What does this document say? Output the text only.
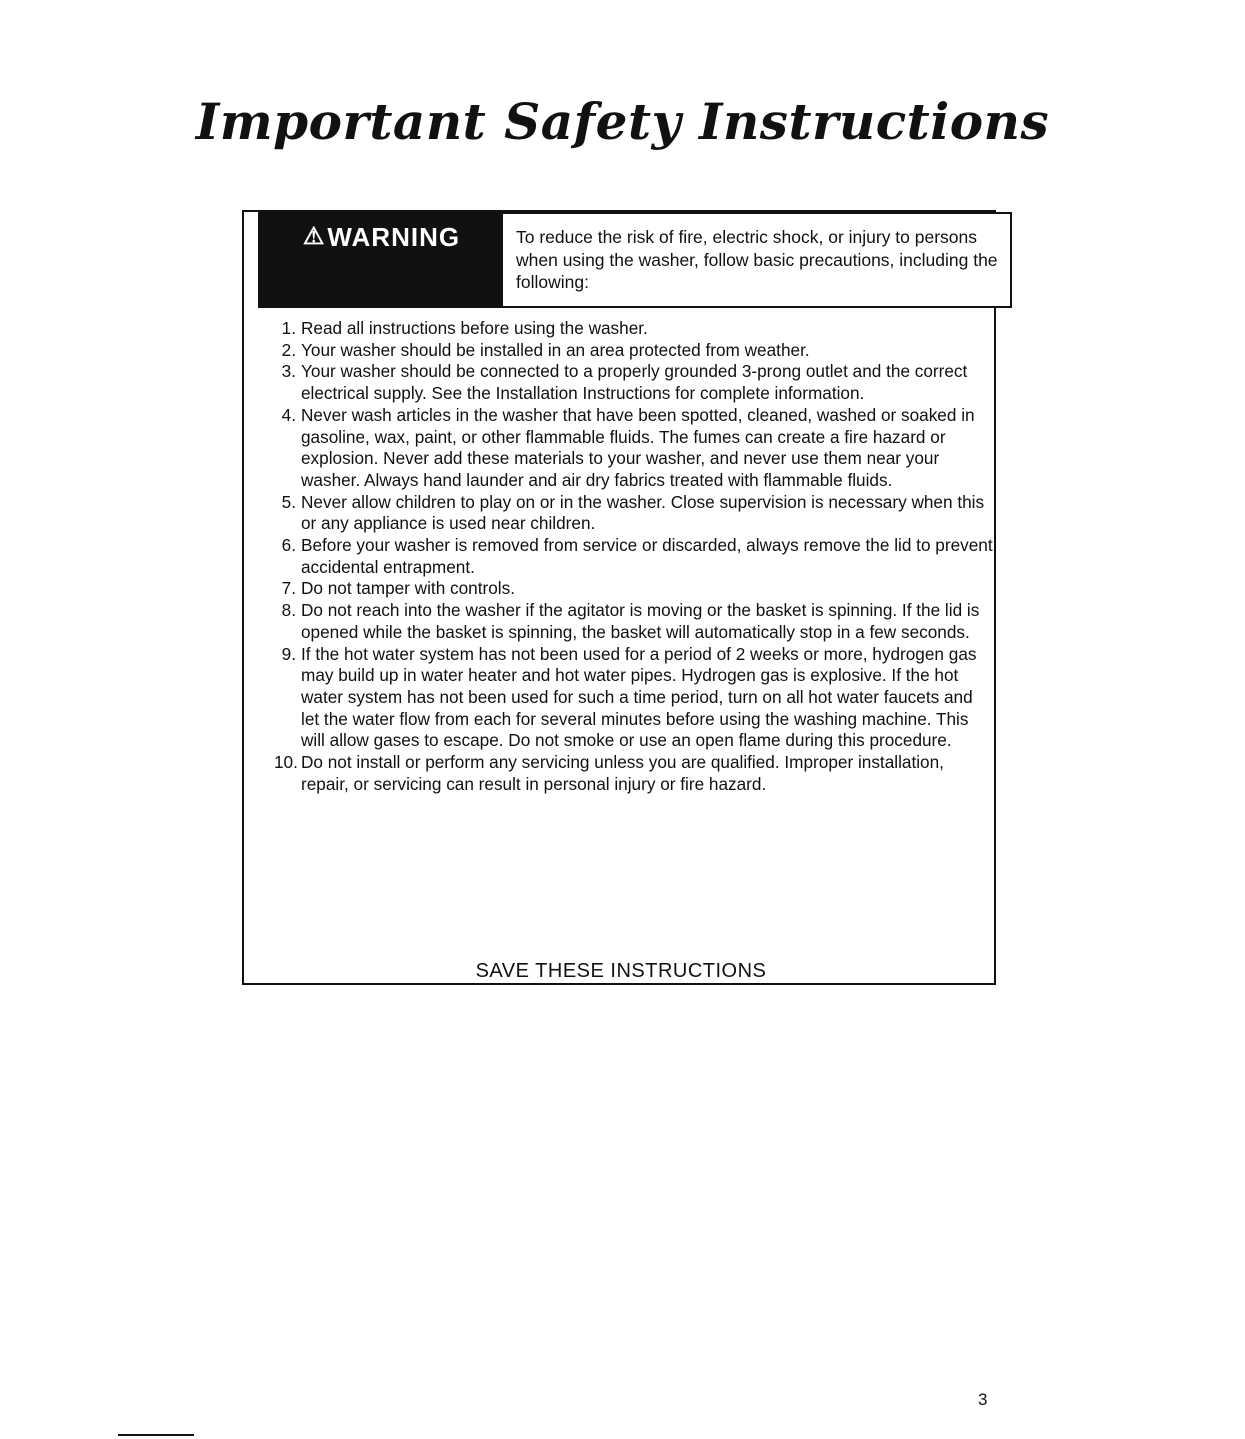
Important Safety Instructions
⚠ WARNING	To reduce the risk of fire, electric shock, or injury to persons when using the washer, follow basic precautions, including the following:

1. Read all instructions before using the washer.
2. Your washer should be installed in an area protected from weather.
3. Your washer should be connected to a properly grounded 3-prong outlet and the correct electrical supply. See the Installation Instructions for complete information.
4. Never wash articles in the washer that have been spotted, cleaned, washed or soaked in gasoline, wax, paint, or other flammable fluids. The fumes can create a fire hazard or explosion. Never add these materials to your washer, and never use them near your washer. Always hand launder and air dry fabrics treated with flammable fluids.
5. Never allow children to play on or in the washer. Close supervision is necessary when this or any appliance is used near children.
6. Before your washer is removed from service or discarded, always remove the lid to prevent accidental entrapment.
7. Do not tamper with controls.
8. Do not reach into the washer if the agitator is moving or the basket is spinning. If the lid is opened while the basket is spinning, the basket will automatically stop in a few seconds.
9. If the hot water system has not been used for a period of 2 weeks or more, hydrogen gas may build up in water heater and hot water pipes. Hydrogen gas is explosive. If the hot water system has not been used for such a time period, turn on all hot water faucets and let the water flow from each for several minutes before using the washing machine. This will allow gases to escape. Do not smoke or use an open flame during this procedure.
10. Do not install or perform any servicing unless you are qualified. Improper installation, repair, or servicing can result in personal injury or fire hazard.

SAVE THESE INSTRUCTIONS

3
